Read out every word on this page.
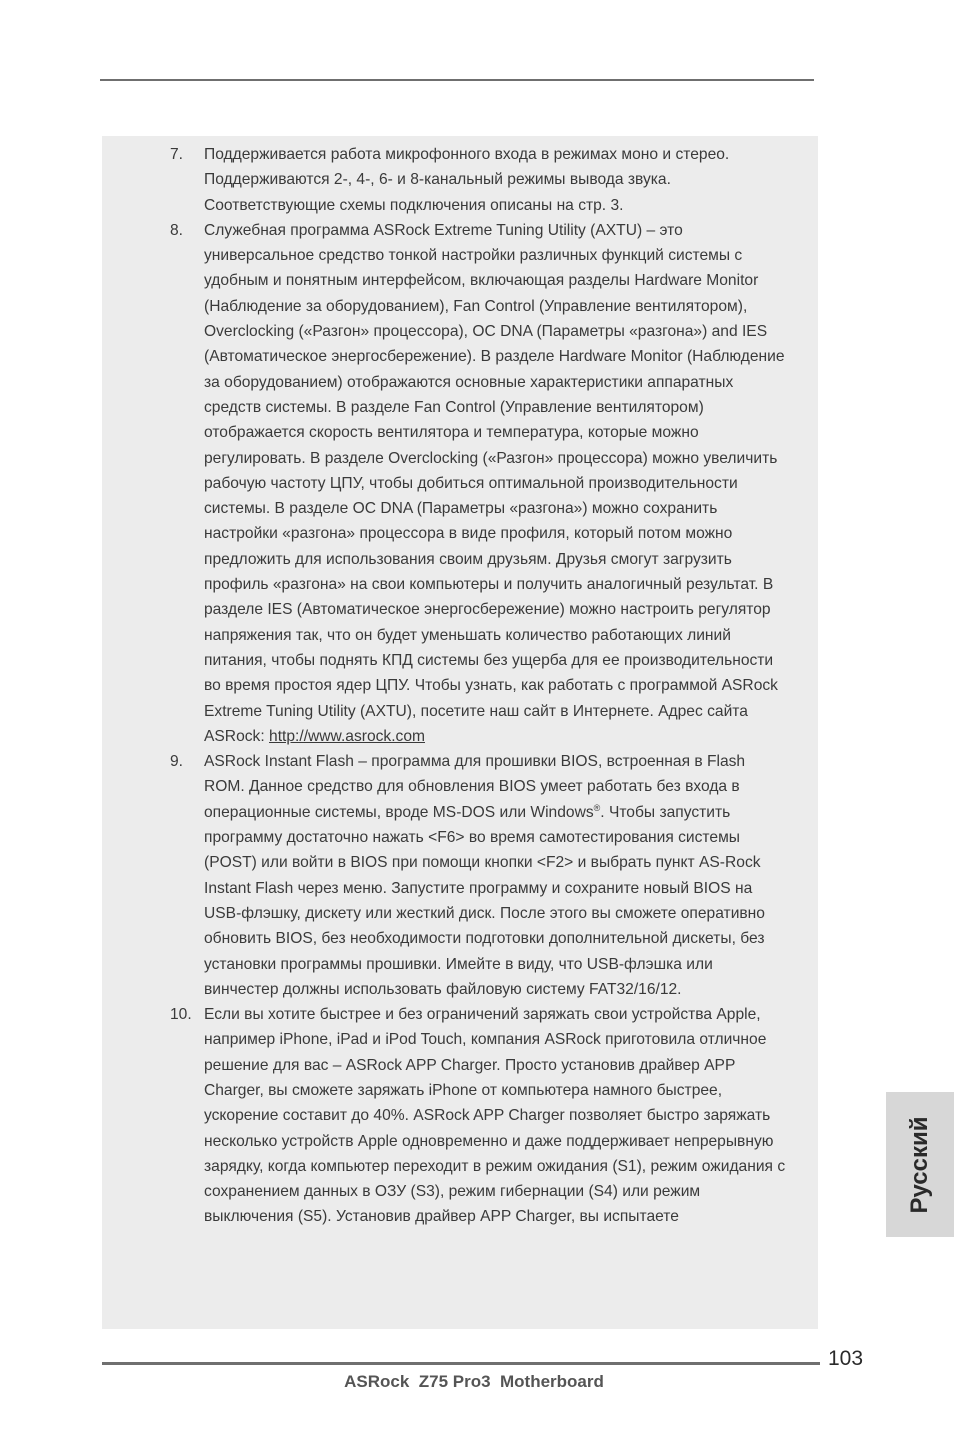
7.	Поддерживается работа микрофонного входа в режимах моно и стерео. Поддерживаются 2-, 4-, 6- и 8-канальный режимы вывода звука. Соответствующие схемы подключения описаны на стр. 3.
8.	Служебная программа ASRock Extreme Tuning Utility (AXTU) – это универсальное средство тонкой настройки различных функций системы с удобным и понятным интерфейсом, включающая разделы Hardware Monitor (Наблюдение за оборудованием), Fan Control (Управление вентилятором), Overclocking («Разгон» процессора), OC DNA (Параметры «разгона») and IES (Автоматическое энергосбережение). В разделе Hardware Monitor (Наблюдение за оборудованием) отображаются основные характеристики аппаратных средств системы. В разделе Fan Control (Управление вентилятором) отображается скорость вентилятора и температура, которые можно регулировать. В разделе Overclocking («Разгон» процессора) можно увеличить рабочую частоту ЦПУ, чтобы добиться оптимальной производительности системы. В разделе OC DNA (Параметры «разгона») можно сохранить настройки «разгона» процессора в виде профиля, который потом можно предложить для использования своим друзьям. Друзья смогут загрузить профиль «разгона» на свои компьютеры и получить аналогичный результат. В разделе IES (Автоматическое энергосбережение) можно настроить регулятор напряжения так, что он будет уменьшать количество работающих линий питания, чтобы поднять КПД системы без ущерба для ее производительности во время простоя ядер ЦПУ. Чтобы узнать, как работать с программой ASRock Extreme Tuning Utility (AXTU), посетите наш сайт в Интернете. Адрес сайта ASRock: http://www.asrock.com
9.	ASRock Instant Flash – программа для прошивки BIOS, встроенная в Flash ROM. Данное средство для обновления BIOS умеет работать без входа в операционные системы, вроде MS-DOS или Windows®. Чтобы запустить программу достаточно нажать <F6> во время самотестирования системы (POST) или войти в BIOS при помощи кнопки <F2> и выбрать пункт AS-Rock Instant Flash через меню. Запустите программу и сохраните новый BIOS на USB-флэшку, дискету или жесткий диск. После этого вы сможете оперативно обновить BIOS, без необходимости подготовки дополнительной дискеты, без установки программы прошивки. Имейте в виду, что USB-флэшка или винчестер должны использовать файловую систему FAT32/16/12.
10. Если вы хотите быстрее и без ограничений заряжать свои устройства Apple, например iPhone, iPad и iPod Touch, компания ASRock приготовила отличное решение для вас – ASRock APP Charger. Просто установив драйвер APP Charger, вы сможете заряжать iPhone от компьютера намного быстрее, ускорение составит до 40%. ASRock APP Charger позволяет быстро заряжать несколько устройств Apple одновременно и даже поддерживает непрерывную зарядку, когда компьютер переходит в режим ожидания (S1), режим ожидания с сохранением данных в ОЗУ (S3), режим гибернации (S4) или режим выключения (S5). Установив драйвер APP Charger, вы испытаете
Русский
103
ASRock  Z75 Pro3  Motherboard
